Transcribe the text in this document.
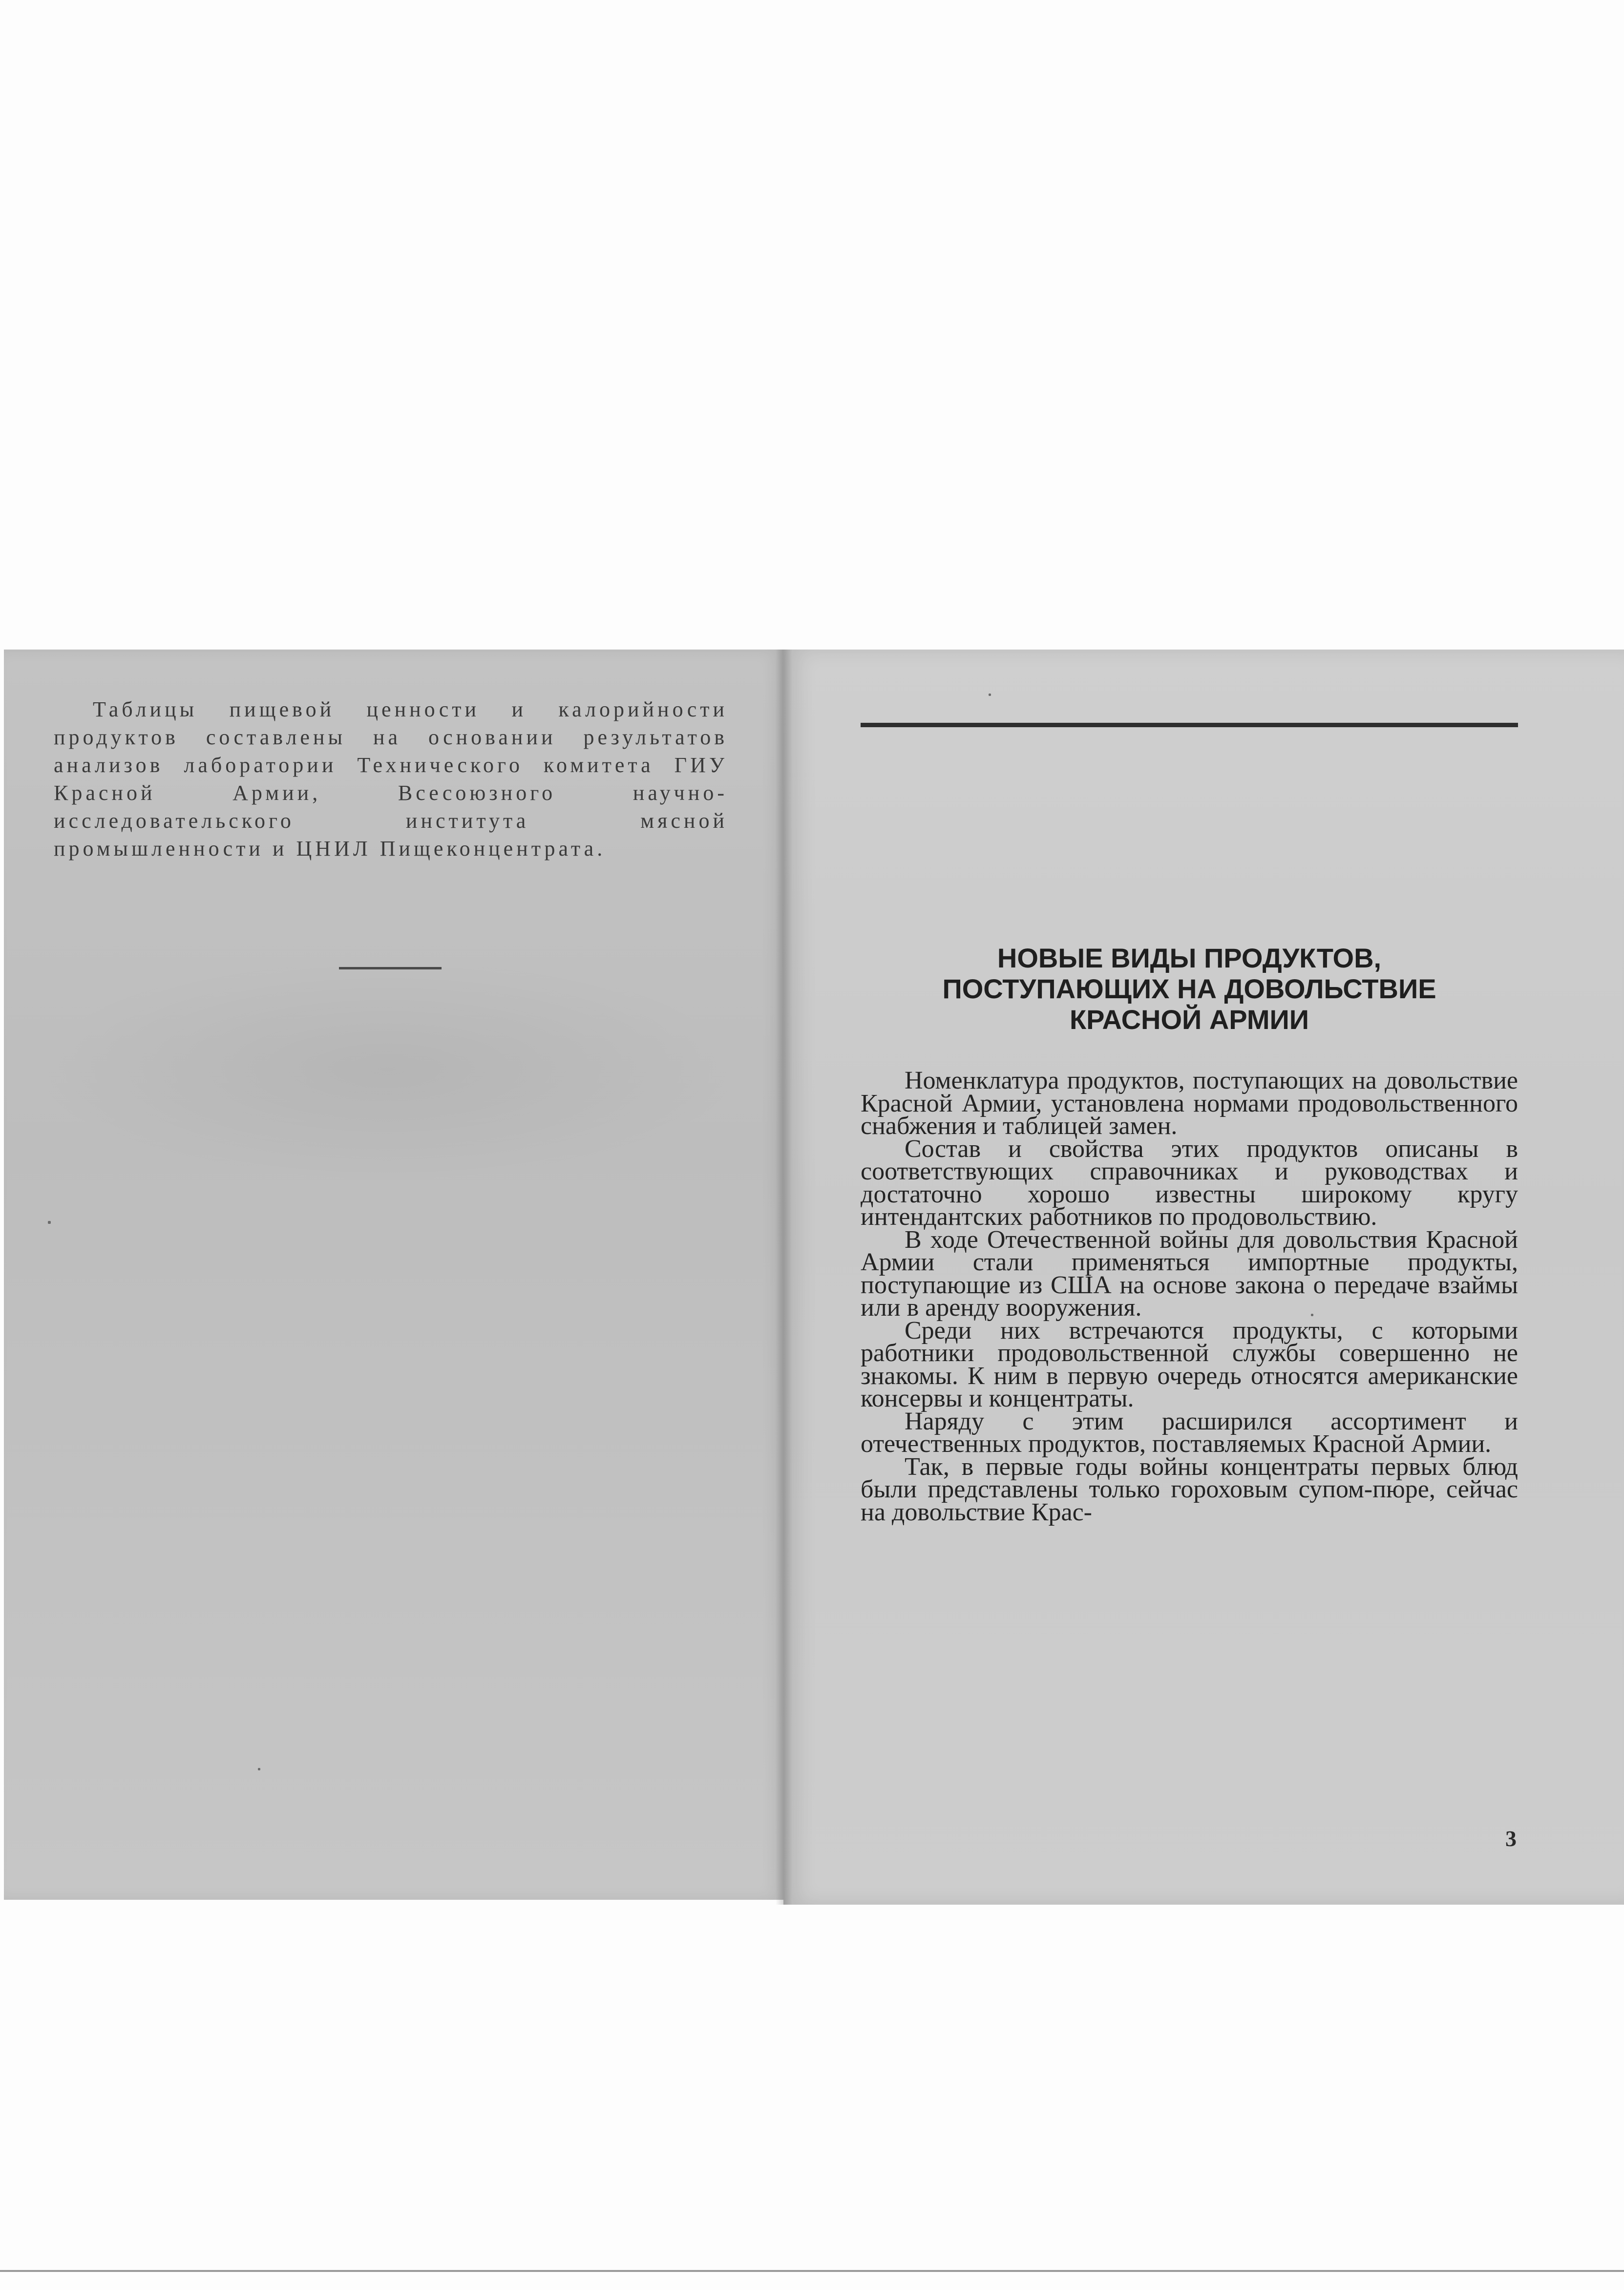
Таблицы пищевой ценности и калорийности продуктов составлены на основании результатов анализов лаборатории Технического комитета ГИУ Красной Армии, Всесоюзного научно-исследовательского института мясной промышленности и ЦНИЛ Пищеконцентрата.

НОВЫЕ ВИДЫ ПРОДУКТОВ,
ПОСТУПАЮЩИХ НА ДОВОЛЬСТВИЕ
КРАСНОЙ АРМИИ

Номенклатура продуктов, поступающих на довольствие Красной Армии, установлена нормами продовольственного снабжения и таблицей замен.

Состав и свойства этих продуктов описаны в соответствующих справочниках и руководствах и достаточно хорошо известны широкому кругу интендантских работников по продовольствию.

В ходе Отечественной войны для довольствия Красной Армии стали применяться импортные продукты, поступающие из США на основе закона о передаче взаймы или в аренду вооружения.

Среди них встречаются продукты, с которыми работники продовольственной службы совершенно не знакомы. К ним в первую очередь относятся американские консервы и концентраты.

Наряду с этим расширился ассортимент и отечественных продуктов, поставляемых Красной Армии.

Так, в первые годы войны концентраты первых блюд были представлены только гороховым супом-пюре, сейчас на довольствие Крас-

3
